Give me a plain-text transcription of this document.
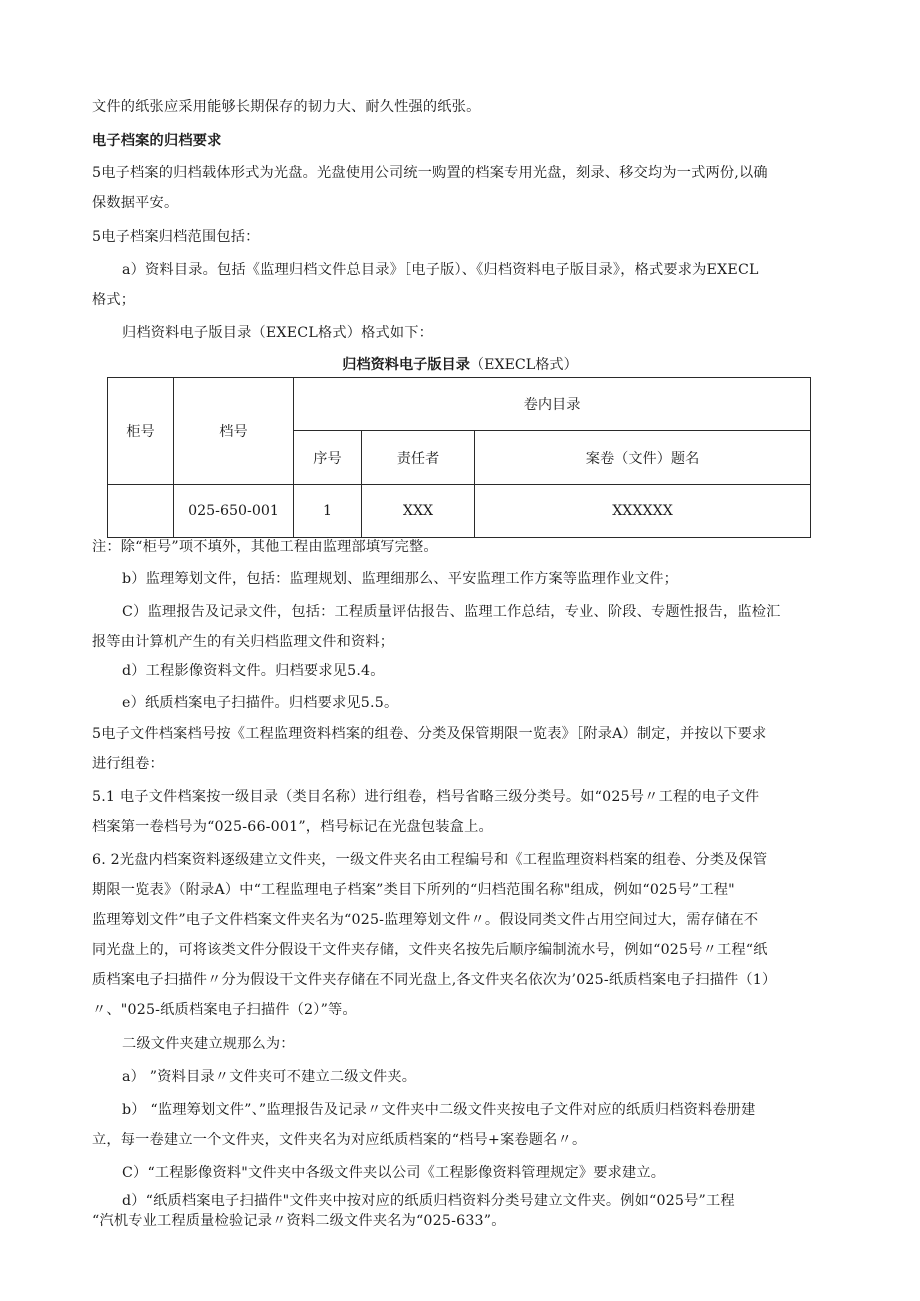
文件的纸张应采用能够长期保存的韧力大、耐久性强的纸张。
电子档案的归档要求
5电子档案的归档载体形式为光盘。光盘使用公司统一购置的档案专用光盘，刻录、移交均为一式两份,以确
保数据平安。
5电子档案归档范围包括：
a）资料目录。包括《监理归档文件总目录》［电子版）、《归档资料电子版目录》，格式要求为EXECL
格式；
归档资料电子版目录（EXECL格式）格式如下：
归档资料电子版目录（EXECL格式）
柜号	档号	卷内目录		
		序号	责任者	案卷（文件）题名
	025-650-001	1	XXX	XXXXXX
注：除“柜号”项不填外，其他工程由监理部填写完整。
b）监理筹划文件，包括：监理规划、监理细那么、平安监理工作方案等监理作业文件；
C）监理报告及记录文件，包括：工程质量评估报告、监理工作总结，专业、阶段、专题性报告，监检汇
报等由计算机产生的有关归档监理文件和资料；
d）工程影像资料文件。归档要求见5.4。
e）纸质档案电子扫描件。归档要求见5.5。
5电子文件档案档号按《工程监理资料档案的组卷、分类及保管期限一览表》［附录A）制定，并按以下要求
进行组卷：
5.1 电子文件档案按一级目录（类目名称）进行组卷，档号省略三级分类号。如“025号〃工程的电子文件
档案第一卷档号为“025-66-001”，档号标记在光盘包装盒上。
6. 2光盘内档案资料逐级建立文件夹，一级文件夹名由工程编号和《工程监理资料档案的组卷、分类及保管
期限一览表》（附录A）中“工程监理电子档案”类目下所列的“归档范围名称"组成，例如“025号”工程"
监理筹划文件”电子文件档案文件夹名为“025-监理筹划文件〃。假设同类文件占用空间过大，需存储在不
同光盘上的，可将该类文件分假设干文件夹存储，文件夹名按先后顺序编制流水号，例如“025号〃工程“纸
质档案电子扫描件〃分为假设干文件夹存储在不同光盘上,各文件夹名依次为’025-纸质档案电子扫描件（1）
〃、"025-纸质档案电子扫描件（2）”等。
二级文件夹建立规那么为：
a） ”资料目录〃文件夹可不建立二级文件夹。
b） “监理筹划文件”、”监理报告及记录〃文件夹中二级文件夹按电子文件对应的纸质归档资料卷册建
立，每一卷建立一个文件夹，文件夹名为对应纸质档案的“档号+案卷题名〃。
C）“工程影像资料"文件夹中各级文件夹以公司《工程影像资料管理规定》要求建立。
d）“纸质档案电子扫描件"文件夹中按对应的纸质归档资料分类号建立文件夹。例如“025号”工程
“汽机专业工程质量检验记录〃资料二级文件夹名为“025-633”。
